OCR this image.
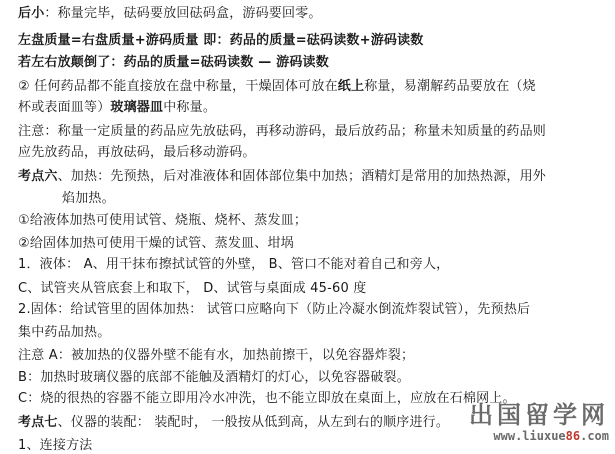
后小：称量完毕，砝码要放回砝码盒，游码要回零。
左盘质量=右盘质量+游码质量 即：药品的质量=砝码读数+游码读数
若左右放颠倒了：药品的质量=砝码读数 — 游码读数
② 任何药品都不能直接放在盘中称量，干燥固体可放在纸上称量，易潮解药品要放在（烧
杯或表面皿等）玻璃器皿中称量。
注意：称量一定质量的药品应先放砝码，再移动游码，最后放药品；称量未知质量的药品则
应先放药品，再放砝码，最后移动游码。
考点六、加热：先预热，后对准液体和固体部位集中加热；酒精灯是常用的加热热源，用外
焰加热。
①给液体加热可使用试管、烧瓶、烧杯、蒸发皿；
②给固体加热可使用干燥的试管、蒸发皿、坩埚
1．液体： A、用干抹布擦拭试管的外壁， B、管口不能对着自己和旁人，
C、试管夹从管底套上和取下， D、试管与桌面成 45-60 度
2.固体：给试管里的固体加热： 试管口应略向下（防止冷凝水倒流炸裂试管），先预热后
集中药品加热。
注意 A：被加热的仪器外壁不能有水，加热前擦干，以免容器炸裂；
B：加热时玻璃仪器的底部不能触及酒精灯的灯心，以免容器破裂。
C：烧的很热的容器不能立即用冷水冲洗，也不能立即放在桌面上，应放在石棉网上。
考点七、仪器的装配： 装配时， 一般按从低到高，从左到右的顺序进行。
1、连接方法
出国留学网
www.liuxue86.com
